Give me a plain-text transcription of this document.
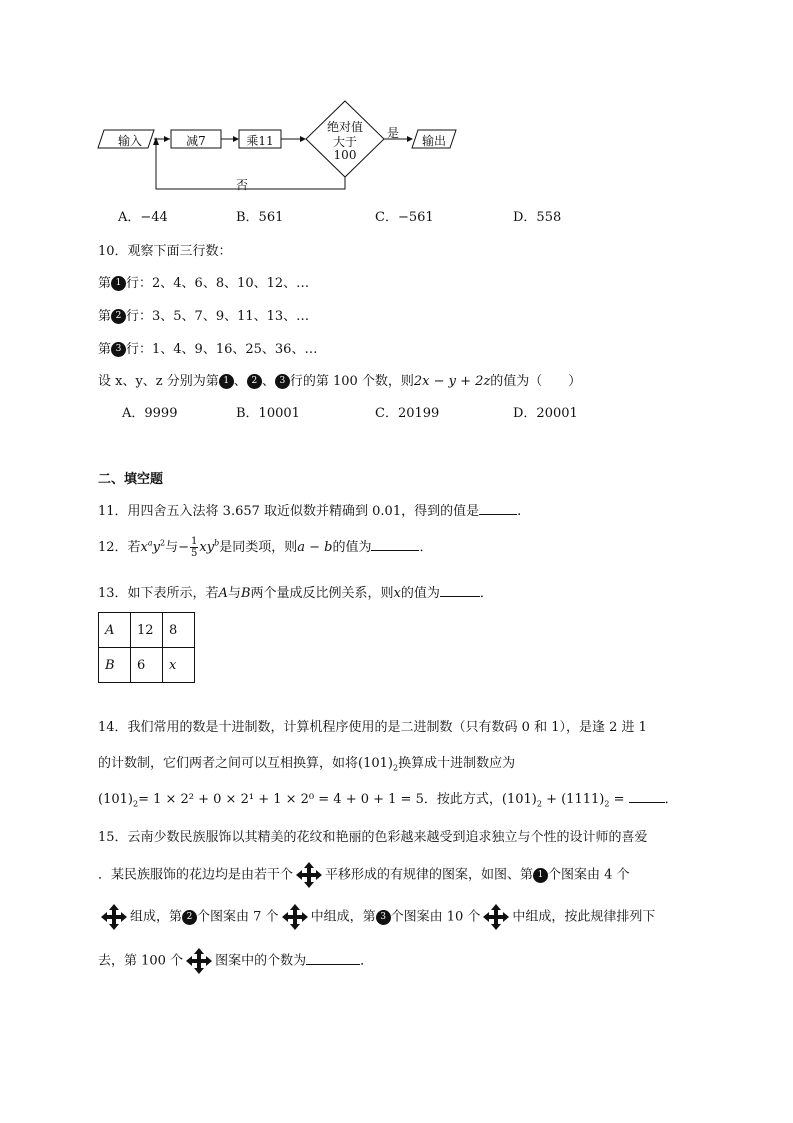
输入	减7	乘11
绝对值
大于
100
是
输出
否
A．−44	B．561	C．−561	D．558
10．观察下面三行数：
第 1 行：2、4、6、8、10、12、…
第 2 行：3、5、7、9、11、13、…
第 3 行：1、4、9、16、25、36、…
设 x、y、z 分别为第 1 、 2 、 3 行的第 100 个数，则2x − y + 2z的值为（　　）
A．9999	B．10001	C．20199	D．20001
二、填空题
11．用四舍五入法将 3.657 取近似数并精确到 0.01，得到的值是	.
12．若$x^ay^2$与− $\frac{1}{5} xy^b$是同类项，则a − b的值为	．
13．如下表所示，若A与B两个量成反比例关系，则x的值为	．
A	12	8
B	6	x
14．我们常用的数是十进制数，计算机程序使用的是二进制数（只有数码 0 和 1），是逢 2 进 1
的计数制，它们两者之间可以互相换算，如将$(101)_2$换算成十进制数应为
$(101)_2= 1 \times 2^2 + 0 \times 2^1 + 1 \times 2^0 = 4 + 0 + 1 = 5$．按此方式，$(101)_2 + (1111)_2$ =	．
15．云南少数民族服饰以其精美的花纹和艳丽的色彩越来越受到追求独立与个性的设计师的喜爱
．某民族服饰的花边均是由若干个 平移形成的有规律的图案，如图、第 1 个图案由 4 个
组成，第 2 个图案由 7 个 中组成，第 3 个图案由 10 个 中组成，按此规律排列下
去，第 100 个 图案中的个数为	．
